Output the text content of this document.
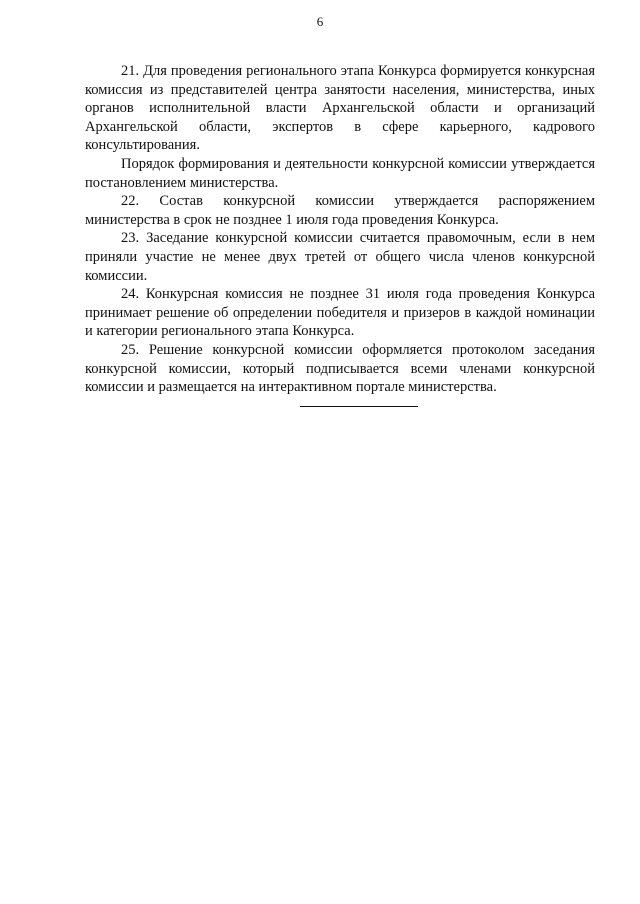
6

21. Для проведения регионального этапа Конкурса формируется конкурсная комиссия из представителей центра занятости населения, министерства, иных органов исполнительной власти Архангельской области и организаций Архангельской области, экспертов в сфере карьерного, кадрового консультирования.

Порядок формирования и деятельности конкурсной комиссии утверждается постановлением министерства.

22. Состав конкурсной комиссии утверждается распоряжением министерства в срок не позднее 1 июля года проведения Конкурса.

23. Заседание конкурсной комиссии считается правомочным, если в нем приняли участие не менее двух третей от общего числа членов конкурсной комиссии.

24. Конкурсная комиссия не позднее 31 июля года проведения Конкурса принимает решение об определении победителя и призеров в каждой номинации и категории регионального этапа Конкурса.

25. Решение конкурсной комиссии оформляется протоколом заседания конкурсной комиссии, который подписывается всеми членами конкурсной комиссии и размещается на интерактивном портале министерства.
